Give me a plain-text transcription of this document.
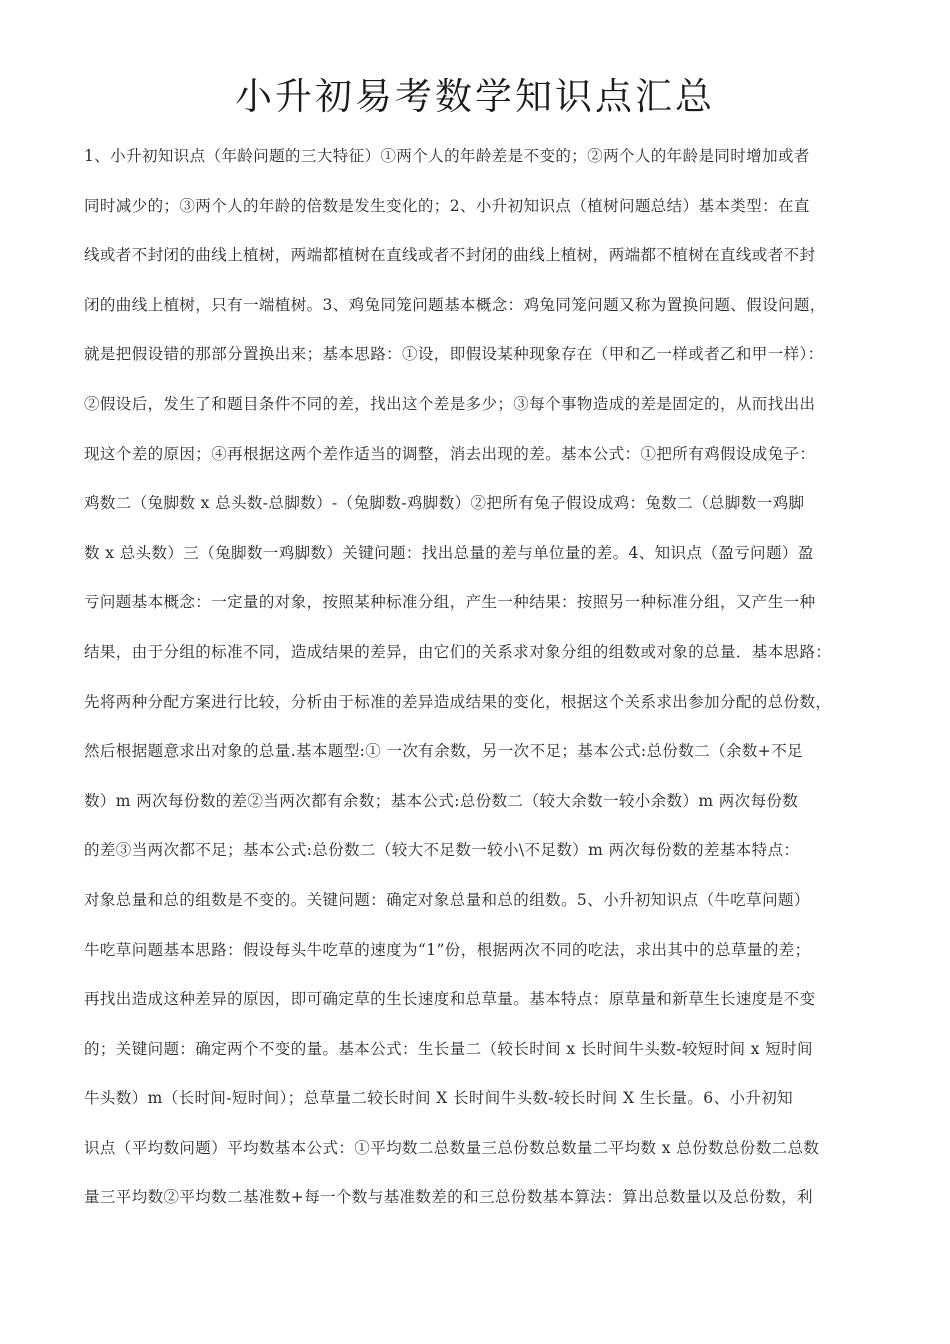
小升初易考数学知识点汇总
1、小升初知识点（年龄问题的三大特征）①两个人的年龄差是不变的；②两个人的年龄是同时增加或者
同时减少的；③两个人的年龄的倍数是发生变化的；2、小升初知识点（植树问题总结）基本类型：在直
线或者不封闭的曲线上植树，两端都植树在直线或者不封闭的曲线上植树，两端都不植树在直线或者不封
闭的曲线上植树，只有一端植树。3、鸡兔同笼问题基本概念：鸡兔同笼问题又称为置换问题、假设问题，
就是把假设错的那部分置换出来；基本思路：①设，即假设某种现象存在（甲和乙一样或者乙和甲一样）：
②假设后，发生了和题目条件不同的差，找出这个差是多少；③每个事物造成的差是固定的，从而找出出
现这个差的原因；④再根据这两个差作适当的调整，消去出现的差。基本公式：①把所有鸡假设成兔子：
鸡数二（兔脚数 x 总头数-总脚数）-（兔脚数-鸡脚数）②把所有兔子假设成鸡：兔数二（总脚数一鸡脚
数 x 总头数）三（兔脚数一鸡脚数）关键问题：找出总量的差与单位量的差。4、知识点（盈亏问题）盈
亏问题基本概念：一定量的对象，按照某种标准分组，产生一种结果：按照另一种标准分组，又产生一种
结果，由于分组的标准不同，造成结果的差异，由它们的关系求对象分组的组数或对象的总量．基本思路：
先将两种分配方案进行比较，分析由于标准的差异造成结果的变化，根据这个关系求出参加分配的总份数，
然后根据题意求出对象的总量.基本题型:① 一次有余数，另一次不足；基本公式:总份数二（余数+不足
数）m 两次每份数的差②当两次都有余数；基本公式:总份数二（较大余数一较小余数）m 两次每份数
的差③当两次都不足；基本公式:总份数二（较大不足数一较小\不足数）m 两次每份数的差基本特点：
对象总量和总的组数是不变的。关键问题：确定对象总量和总的组数。5、小升初知识点（牛吃草问题）
牛吃草问题基本思路：假设每头牛吃草的速度为“1”份，根据两次不同的吃法，求出其中的总草量的差；
再找出造成这种差异的原因，即可确定草的生长速度和总草量。基本特点：原草量和新草生长速度是不变
的；关键问题：确定两个不变的量。基本公式：生长量二（较长时间 x 长时间牛头数-较短时间 x 短时间
牛头数）m（长时间-短时间）；总草量二较长时间 X 长时间牛头数-较长时间 X 生长量。6、小升初知
识点（平均数问题）平均数基本公式：①平均数二总数量三总份数总数量二平均数 x 总份数总份数二总数
量三平均数②平均数二基准数+每一个数与基准数差的和三总份数基本算法：算出总数量以及总份数，利
